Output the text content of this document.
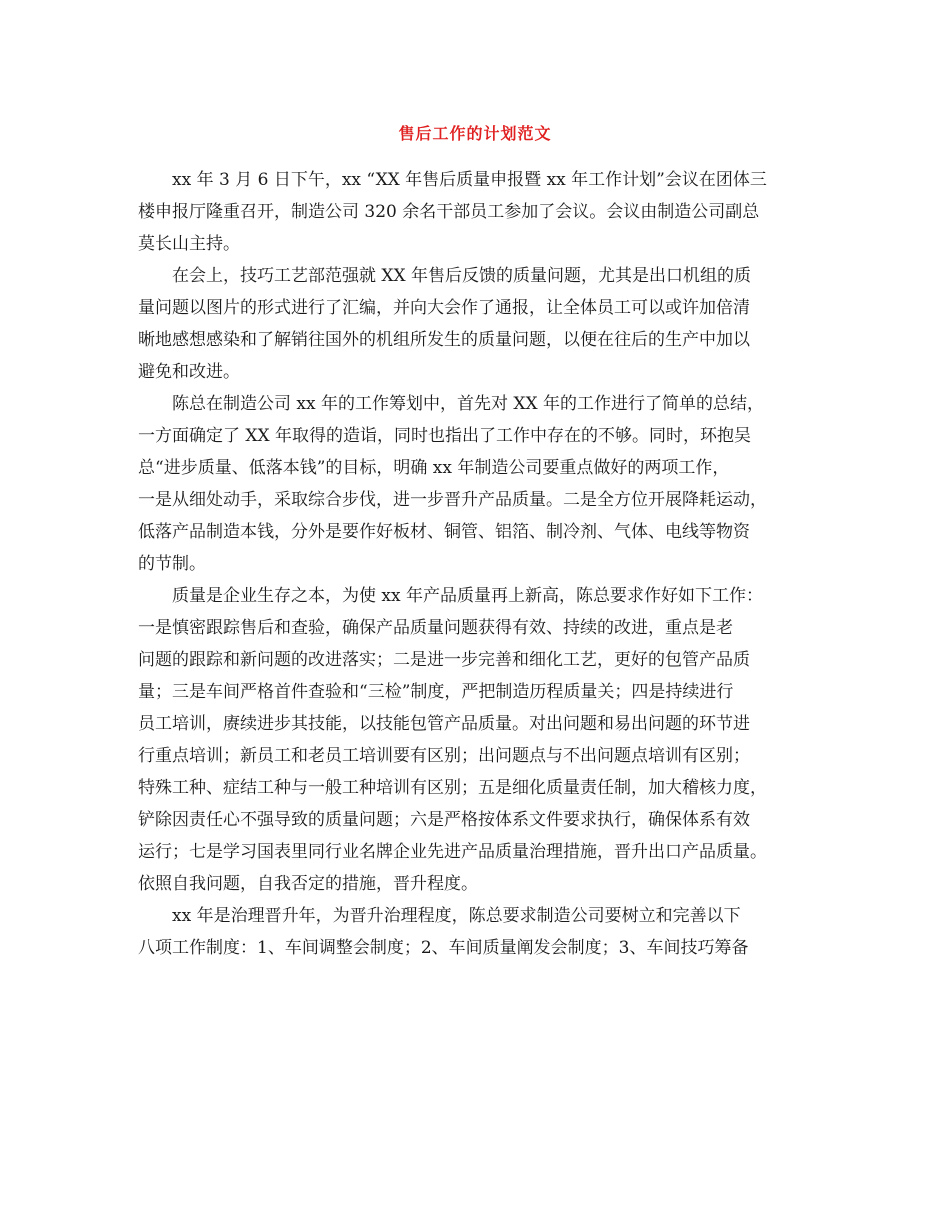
售后工作的计划范文
　　xx 年 3 月 6 日下午，xx “XX 年售后质量申报暨 xx 年工作计划”会议在团体三
楼申报厅隆重召开，制造公司 320 余名干部员工参加了会议。会议由制造公司副总
莫长山主持。
　　在会上，技巧工艺部范强就 XX 年售后反馈的质量问题，尤其是出口机组的质
量问题以图片的形式进行了汇编，并向大会作了通报，让全体员工可以或许加倍清
晰地感想感染和了解销往国外的机组所发生的质量问题，以便在往后的生产中加以
避免和改进。
　　陈总在制造公司 xx 年的工作筹划中，首先对 XX 年的工作进行了简单的总结，
一方面确定了 XX 年取得的造诣，同时也指出了工作中存在的不够。同时，环抱吴
总“进步质量、低落本钱”的目标，明确 xx 年制造公司要重点做好的两项工作，
一是从细处动手，采取综合步伐，进一步晋升产品质量。二是全方位开展降耗运动，
低落产品制造本钱，分外是要作好板材、铜管、铝箔、制冷剂、气体、电线等物资
的节制。
　　质量是企业生存之本，为使 xx 年产品质量再上新高，陈总要求作好如下工作：
一是慎密跟踪售后和查验，确保产品质量问题获得有效、持续的改进，重点是老
问题的跟踪和新问题的改进落实；二是进一步完善和细化工艺，更好的包管产品质
量；三是车间严格首件查验和“三检”制度，严把制造历程质量关；四是持续进行
员工培训，赓续进步其技能，以技能包管产品质量。对出问题和易出问题的环节进
行重点培训；新员工和老员工培训要有区别；出问题点与不出问题点培训有区别；
特殊工种、症结工种与一般工种培训有区别；五是细化质量责任制，加大稽核力度，
铲除因责任心不强导致的质量问题；六是严格按体系文件要求执行，确保体系有效
运行；七是学习国表里同行业名牌企业先进产品质量治理措施，晋升出口产品质量。
依照自我问题，自我否定的措施，晋升程度。
　　xx 年是治理晋升年，为晋升治理程度，陈总要求制造公司要树立和完善以下
八项工作制度：1、车间调整会制度；2、车间质量阐发会制度；3、车间技巧筹备
